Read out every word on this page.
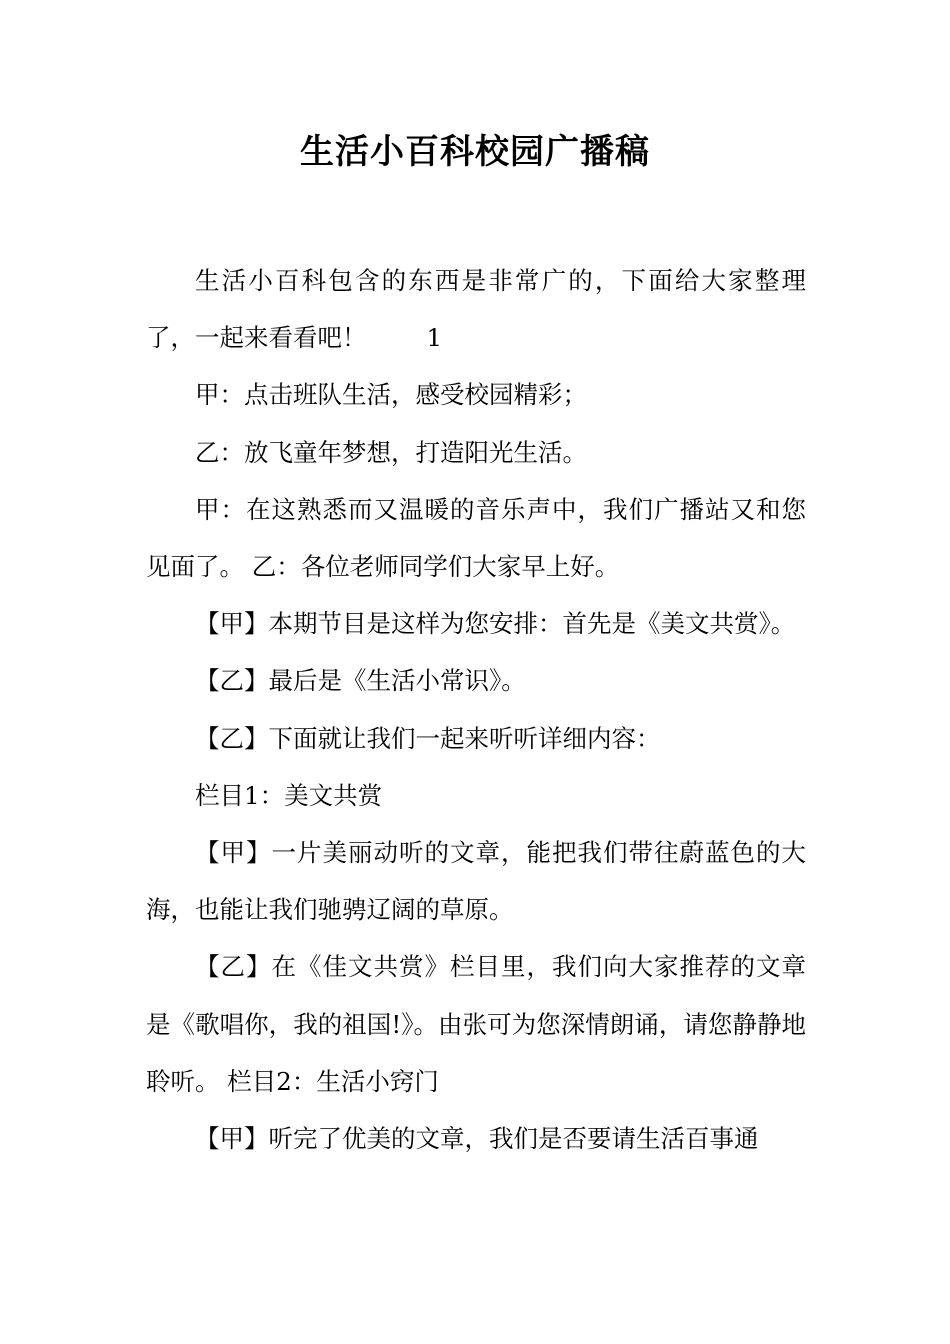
生活小百科校园广播稿

生活小百科包含的东西是非常广的，下面给大家整理了，一起来看看吧！ 1

甲：点击班队生活，感受校园精彩；

乙：放飞童年梦想，打造阳光生活。

甲：在这熟悉而又温暖的音乐声中，我们广播站又和您见面了。 乙：各位老师同学们大家早上好。

【甲】本期节目是这样为您安排：首先是《美文共赏》。

【乙】最后是《生活小常识》。

【乙】下面就让我们一起来听听详细内容：

栏目1：美文共赏

【甲】一片美丽动听的文章，能把我们带往蔚蓝色的大海，也能让我们驰骋辽阔的草原。

【乙】在《佳文共赏》栏目里，我们向大家推荐的文章是《歌唱你，我的祖国!》。由张可为您深情朗诵，请您静静地聆听。 栏目2：生活小窍门

【甲】听完了优美的文章，我们是否要请生活百事通
